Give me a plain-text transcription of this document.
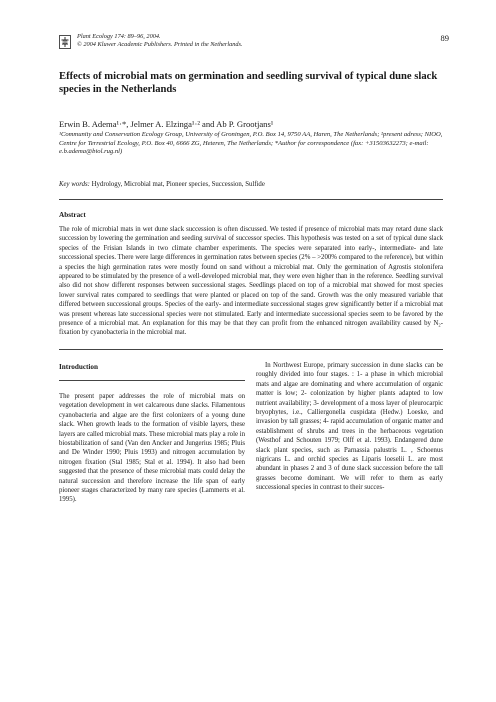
Plant Ecology 174: 89–96, 2004.
© 2004 Kluwer Academic Publishers. Printed in the Netherlands.
89
Effects of microbial mats on germination and seedling survival of typical dune slack species in the Netherlands
Erwin B. Adema¹·*, Jelmer A. Elzinga¹·² and Ab P. Grootjans¹
¹Community and Conservation Ecology Group, University of Groningen, P.O. Box 14, 9750 AA, Haren, The Netherlands; ²present adress; NIOO, Centre for Terrestrial Ecology, P.O. Box 40, 6666 ZG, Heteren, The Netherlands; *Author for correspondence (fax: +31503632273; e-mail: e.b.adema@biol.rug.nl)
Key words: Hydrology, Microbial mat, Pioneer species, Succession, Sulfide
Abstract

The role of microbial mats in wet dune slack succession is often discussed. We tested if presence of microbial mats may retard dune slack succession by lowering the germination and seeding survival of successor species. This hypothesis was tested on a set of typical dune slack species of the Frisian Islands in two climate chamber experiments. The species were separated into early-, intermediate- and late successional species. There were large differences in germination rates between species (2% – >200% compared to the reference), but within a species the high germination rates were mostly found on sand without a microbial mat. Only the germination of Agrostis stolonifera appeared to be stimulated by the presence of a well-developed microbial mat, they were even higher than in the reference. Seedling survival also did not show different responses between successional stages. Seedlings placed on top of a microbial mat showed for most species lower survival rates compared to seedlings that were planted or placed on top of the sand. Growth was the only measured variable that differed between successional groups. Species of the early- and intermediate successional stages grew significantly better if a microbial mat was present whereas late successional species were not stimulated. Early and intermediate successional species seem to be favored by the presence of a microbial mat. An explanation for this may be that they can profit from the enhanced nitrogen availability caused by N₂-fixation by cyanobacteria in the microbial mat.

Introduction

The present paper addresses the role of microbial mats on vegetation development in wet calcareous dune slacks. Filamentous cyanobacteria and algae are the first colonizers of a young dune slack. When growth leads to the formation of visible layers, these layers are called microbial mats. These microbial mats play a role in biostabilization of sand (Van den Ancker and Jungerius 1985; Pluis and De Winder 1990; Pluis 1993) and nitrogen accumulation by nitrogen fixation (Stal 1985; Stal et al. 1994). It also had been suggested that the presence of these microbial mats could delay the natural succession and therefore increase the life span of early pioneer stages characterized by many rare species (Lammerts et al. 1995).

In Northwest Europe, primary succession in dune slacks can be roughly divided into four stages. : 1- a phase in which microbial mats and algae are dominating and where accumulation of organic matter is low; 2- colonization by higher plants adapted to low nutrient availability; 3- development of a moss layer of pleurocarpic bryophytes, i.e., Calliergonella cuspidata (Hedw.) Loeske, and invasion by tall grasses; 4- rapid accumulation of organic matter and establishment of shrubs and trees in the herbaceous vegetation (Westhof and Schouten 1979; Olff et al. 1993). Endangered dune slack plant species, such as Parnassia palustris L. , Schoenus nigricans L. and orchid species as Liparis loeselii L. are most abundant in phases 2 and 3 of dune slack succession before the tall grasses become dominant. We will refer to them as early successional species in contrast to their succes-
